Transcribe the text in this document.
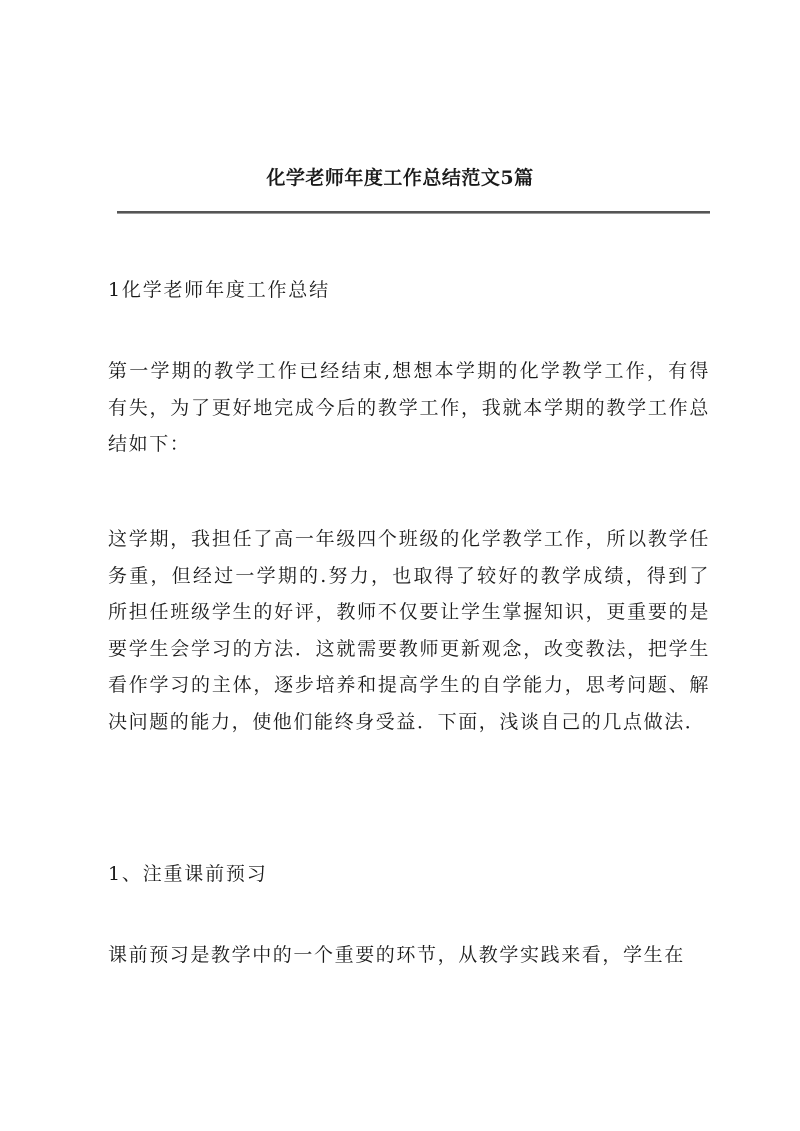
化学老师年度工作总结范文5篇

1化学老师年度工作总结

第一学期的教学工作已经结束,想想本学期的化学教学工作，有得有失，为了更好地完成今后的教学工作，我就本学期的教学工作总结如下：

这学期，我担任了高一年级四个班级的化学教学工作，所以教学任务重，但经过一学期的.努力，也取得了较好的教学成绩，得到了所担任班级学生的好评，教师不仅要让学生掌握知识，更重要的是要学生会学习的方法．这就需要教师更新观念，改变教法，把学生看作学习的主体，逐步培养和提高学生的自学能力，思考问题、解决问题的能力，使他们能终身受益．下面，浅谈自己的几点做法．

1、注重课前预习

课前预习是教学中的一个重要的环节，从教学实践来看，学生在
